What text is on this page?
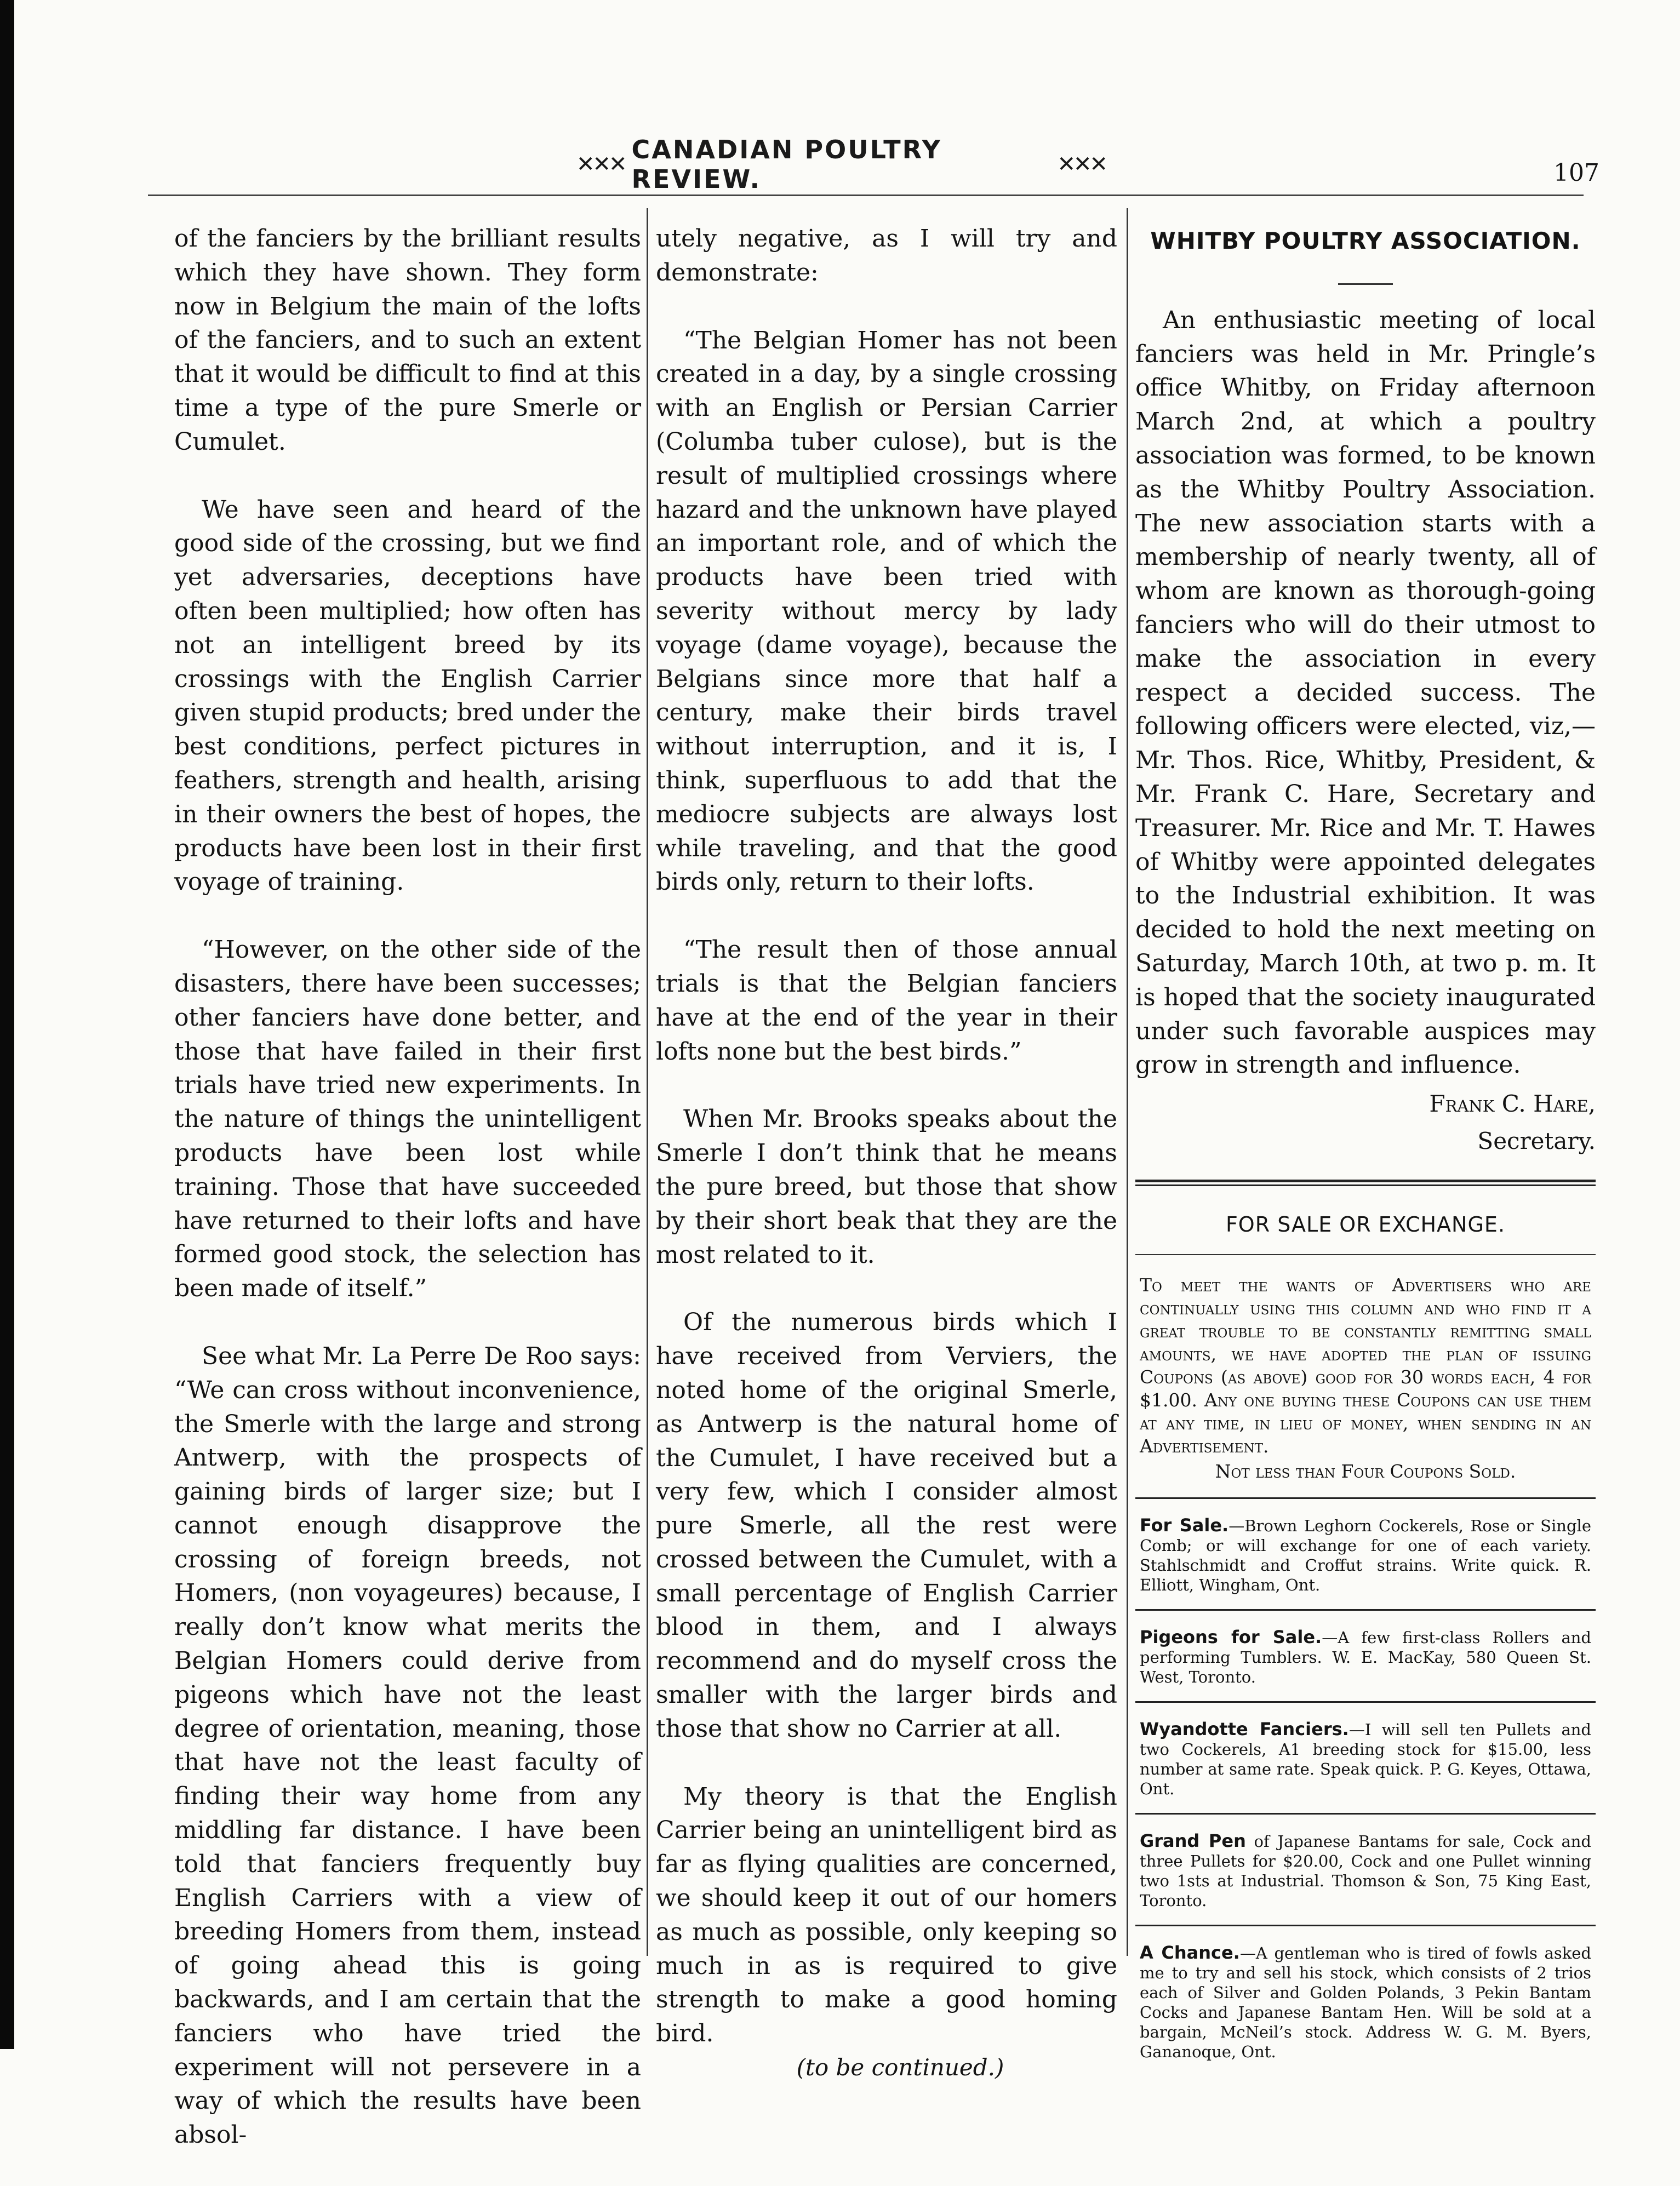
✕✕✕ CANADIAN POULTRY REVIEW.	✕✕✕	107

of the fanciers by the brilliant results which they have shown. They form now in Belgium the main of the lofts of the fanciers, and to such an extent that it would be difficult to find at this time a type of the pure Smerle or Cumulet.

We have seen and heard of the good side of the crossing, but we find yet adversaries, deceptions have often been multiplied; how often has not an intelligent breed by its crossings with the English Carrier given stupid products; bred under the best conditions, perfect pictures in feathers, strength and health, arising in their owners the best of hopes, the products have been lost in their first voyage of training.

“However, on the other side of the disasters, there have been successes; other fanciers have done better, and those that have failed in their first trials have tried new experiments. In the nature of things the unintelligent products have been lost while training. Those that have succeeded have returned to their lofts and have formed good stock, the selection has been made of itself.”

See what Mr. La Perre De Roo says: “We can cross without inconvenience, the Smerle with the large and strong Antwerp, with the prospects of gaining birds of larger size; but I cannot enough disapprove the crossing of foreign breeds, not Homers, (non voyageures) because, I really don’t know what merits the Belgian Homers could derive from pigeons which have not the least degree of orientation, meaning, those that have not the least faculty of finding their way home from any middling far distance. I have been told that fanciers frequently buy English Carriers with a view of breeding Homers from them, instead of going ahead this is going backwards, and I am certain that the fanciers who have tried the experiment will not persevere in a way of which the results have been absol-

utely negative, as I will try and demonstrate:

“The Belgian Homer has not been created in a day, by a single crossing with an English or Persian Carrier (Columba tuber culose), but is the result of multiplied crossings where hazard and the unknown have played an important role, and of which the products have been tried with severity without mercy by lady voyage (dame voyage), because the Belgians since more that half a century, make their birds travel without interruption, and it is, I think, superfluous to add that the mediocre subjects are always lost while traveling, and that the good birds only, return to their lofts.

“The result then of those annual trials is that the Belgian fanciers have at the end of the year in their lofts none but the best birds.”

When Mr. Brooks speaks about the Smerle I don’t think that he means the pure breed, but those that show by their short beak that they are the most related to it.

Of the numerous birds which I have received from Verviers, the noted home of the original Smerle, as Antwerp is the natural home of the Cumulet, I have received but a very few, which I consider almost pure Smerle, all the rest were crossed between the Cumulet, with a small percentage of English Carrier blood in them, and I always recommend and do myself cross the smaller with the larger birds and those that show no Carrier at all.

My theory is that the English Carrier being an unintelligent bird as far as flying qualities are concerned, we should keep it out of our homers as much as possible, only keeping so much in as is required to give strength to make a good homing bird.

(to be continued.)

WHITBY POULTRY ASSOCIATION.

An enthusiastic meeting of local fanciers was held in Mr. Pringle’s office Whitby, on Friday afternoon March 2nd, at which a poultry association was formed, to be known as the Whitby Poultry Association. The new association starts with a membership of nearly twenty, all of whom are known as thorough-going fanciers who will do their utmost to make the association in every respect a decided success. The following officers were elected, viz,—Mr. Thos. Rice, Whitby, President, & Mr. Frank C. Hare, Secretary and Treasurer. Mr. Rice and Mr. T. Hawes of Whitby were appointed delegates to the Industrial exhibition. It was decided to hold the next meeting on Saturday, March 10th, at two p. m. It is hoped that the society inaugurated under such favorable auspices may grow in strength and influence.

Frank C. Hare,
Secretary.
FOR SALE OR EXCHANGE.
To meet the wants of Advertisers who are continually using this column and who find it a great trouble to be constantly remitting small amounts, we have adopted the plan of issuing Coupons (as above) good for 30 words each, 4 for $1.00. Any one buying these Coupons can use them at any time, in lieu of money, when sending in an Advertisement.
Not less than Four Coupons Sold.
For Sale.—Brown Leghorn Cockerels, Rose or Single Comb; or will exchange for one of each variety. Stahlschmidt and Croffut strains. Write quick. R. Elliott, Wingham, Ont.
Pigeons for Sale.—A few first-class Rollers and performing Tumblers. W. E. MacKay, 580 Queen St. West, Toronto.
Wyandotte Fanciers.—I will sell ten Pullets and two Cockerels, A1 breeding stock for $15.00, less number at same rate. Speak quick. P. G. Keyes, Ottawa, Ont.
Grand Pen of Japanese Bantams for sale, Cock and three Pullets for $20.00, Cock and one Pullet winning two 1sts at Industrial. Thomson & Son, 75 King East, Toronto.
A Chance.—A gentleman who is tired of fowls asked me to try and sell his stock, which consists of 2 trios each of Silver and Golden Polands, 3 Pekin Bantam Cocks and Japanese Bantam Hen. Will be sold at a bargain, McNeil’s stock. Address W. G. M. Byers, Gananoque, Ont.
